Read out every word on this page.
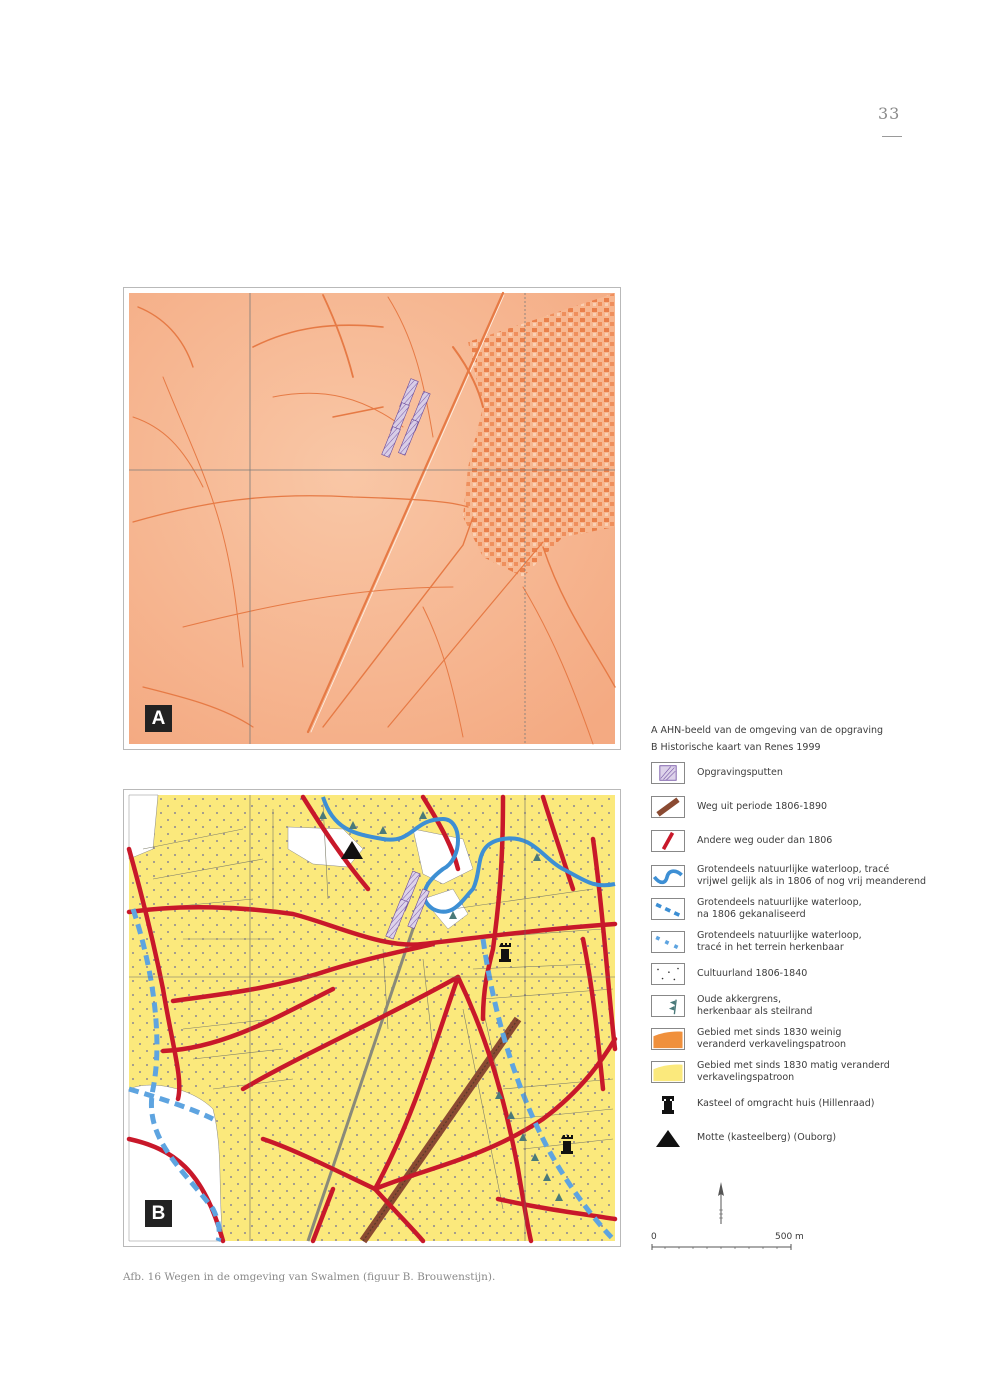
33
A
B
A AHN-beeld van de omgeving van de opgraving
B Historische kaart van Renes 1999
Opgravingsputten
Weg uit periode 1806-1890
Andere weg ouder dan 1806
Grotendeels natuurlijke waterloop, tracé
vrijwel gelijk als in 1806 of nog vrij meanderend
Grotendeels natuurlijke waterloop,
na 1806 gekanaliseerd
Grotendeels natuurlijke waterloop,
tracé in het terrein herkenbaar
Cultuurland 1806-1840
Oude akkergrens,
herkenbaar als steilrand
Gebied met sinds 1830 weinig
veranderd verkavelingspatroon
Gebied met sinds 1830 matig veranderd
verkavelingspatroon
Kasteel of omgracht huis (Hillenraad)
Motte (kasteelberg) (Ouborg)
0	500 m
Afb. 16 Wegen in de omgeving van Swalmen (figuur B. Brouwenstijn).
